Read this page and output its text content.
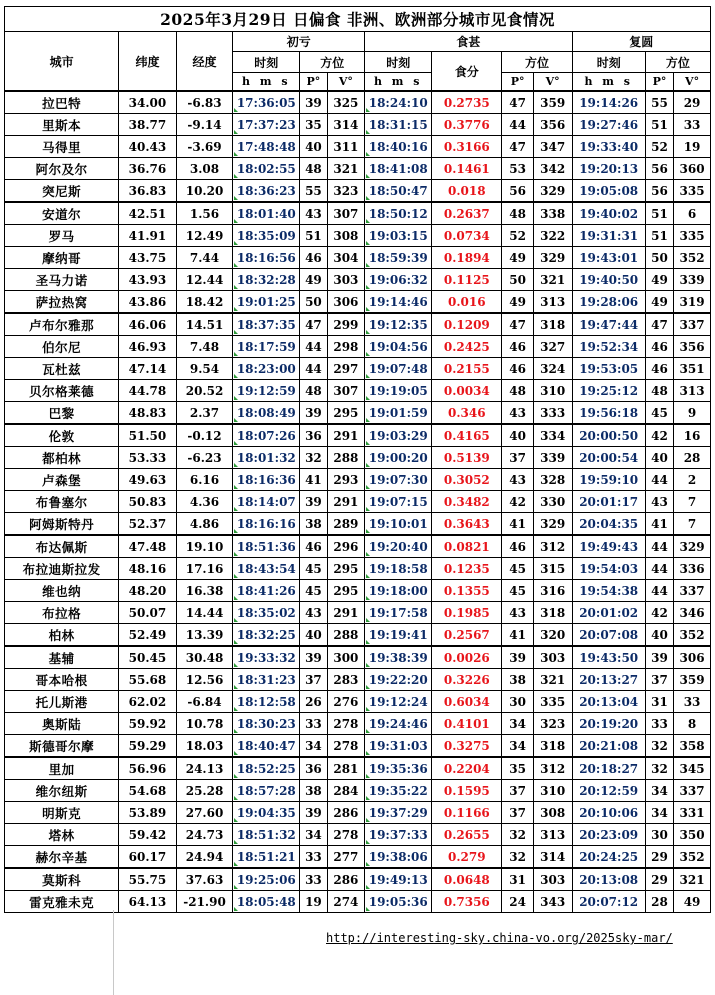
2025年3月29日 日偏食 非洲、欧洲部分城市见食情况												
城市	纬度	经度	初亏			食甚				复圆		
			时刻	方位		时刻	食分	方位		时刻	方位	
			h m s	P°	V°	h m s		P°	V°	h m s	P°	V°
拉巴特	34.00	-6.83	17:36:05	39	325	18:24:10	0.2735	47	359	19:14:26	55	29
里斯本	38.77	-9.14	17:37:23	35	314	18:31:15	0.3776	44	356	19:27:46	51	33
马得里	40.43	-3.69	17:48:48	40	311	18:40:16	0.3166	47	347	19:33:40	52	19
阿尔及尔	36.76	3.08	18:02:55	48	321	18:41:08	0.1461	53	342	19:20:13	56	360
突尼斯	36.83	10.20	18:36:23	55	323	18:50:47	0.018	56	329	19:05:08	56	335
安道尔	42.51	1.56	18:01:40	43	307	18:50:12	0.2637	48	338	19:40:02	51	6
罗马	41.91	12.49	18:35:09	51	308	19:03:15	0.0734	52	322	19:31:31	51	335
摩纳哥	43.75	7.44	18:16:56	46	304	18:59:39	0.1894	49	329	19:43:01	50	352
圣马力诺	43.93	12.44	18:32:28	49	303	19:06:32	0.1125	50	321	19:40:50	49	339
萨拉热窝	43.86	18.42	19:01:25	50	306	19:14:46	0.016	49	313	19:28:06	49	319
卢布尔雅那	46.06	14.51	18:37:35	47	299	19:12:35	0.1209	47	318	19:47:44	47	337
伯尔尼	46.93	7.48	18:17:59	44	298	19:04:56	0.2425	46	327	19:52:34	46	356
瓦杜兹	47.14	9.54	18:23:00	44	297	19:07:48	0.2155	46	324	19:53:05	46	351
贝尔格莱德	44.78	20.52	19:12:59	48	307	19:19:05	0.0034	48	310	19:25:12	48	313
巴黎	48.83	2.37	18:08:49	39	295	19:01:59	0.346	43	333	19:56:18	45	9
伦敦	51.50	-0.12	18:07:26	36	291	19:03:29	0.4165	40	334	20:00:50	42	16
都柏林	53.33	-6.23	18:01:32	32	288	19:00:20	0.5139	37	339	20:00:54	40	28
卢森堡	49.63	6.16	18:16:36	41	293	19:07:30	0.3052	43	328	19:59:10	44	2
布鲁塞尔	50.83	4.36	18:14:07	39	291	19:07:15	0.3482	42	330	20:01:17	43	7
阿姆斯特丹	52.37	4.86	18:16:16	38	289	19:10:01	0.3643	41	329	20:04:35	41	7
布达佩斯	47.48	19.10	18:51:36	46	296	19:20:40	0.0821	46	312	19:49:43	44	329
布拉迪斯拉发	48.16	17.16	18:43:54	45	295	19:18:58	0.1235	45	315	19:54:03	44	336
维也纳	48.20	16.38	18:41:26	45	295	19:18:00	0.1355	45	316	19:54:38	44	337
布拉格	50.07	14.44	18:35:02	43	291	19:17:58	0.1985	43	318	20:01:02	42	346
柏林	52.49	13.39	18:32:25	40	288	19:19:41	0.2567	41	320	20:07:08	40	352
基辅	50.45	30.48	19:33:32	39	300	19:38:39	0.0026	39	303	19:43:50	39	306
哥本哈根	55.68	12.56	18:31:23	37	283	19:22:20	0.3226	38	321	20:13:27	37	359
托儿斯港	62.02	-6.84	18:12:58	26	276	19:12:24	0.6034	30	335	20:13:04	31	33
奥斯陆	59.92	10.78	18:30:23	33	278	19:24:46	0.4101	34	323	20:19:20	33	8
斯德哥尔摩	59.29	18.03	18:40:47	34	278	19:31:03	0.3275	34	318	20:21:08	32	358
里加	56.96	24.13	18:52:25	36	281	19:35:36	0.2204	35	312	20:18:27	32	345
维尔纽斯	54.68	25.28	18:57:28	38	284	19:35:22	0.1595	37	310	20:12:59	34	337
明斯克	53.89	27.60	19:04:35	39	286	19:37:29	0.1166	37	308	20:10:06	34	331
塔林	59.42	24.73	18:51:32	34	278	19:37:33	0.2655	32	313	20:23:09	30	350
赫尔辛基	60.17	24.94	18:51:21	33	277	19:38:06	0.279	32	314	20:24:25	29	352
莫斯科	55.75	37.63	19:25:06	33	286	19:49:13	0.0648	31	303	20:13:08	29	321
雷克雅未克	64.13	-21.90	18:05:48	19	274	19:05:36	0.7356	24	343	20:07:12	28	49
http://interesting-sky.china-vo.org/2025sky-mar/
